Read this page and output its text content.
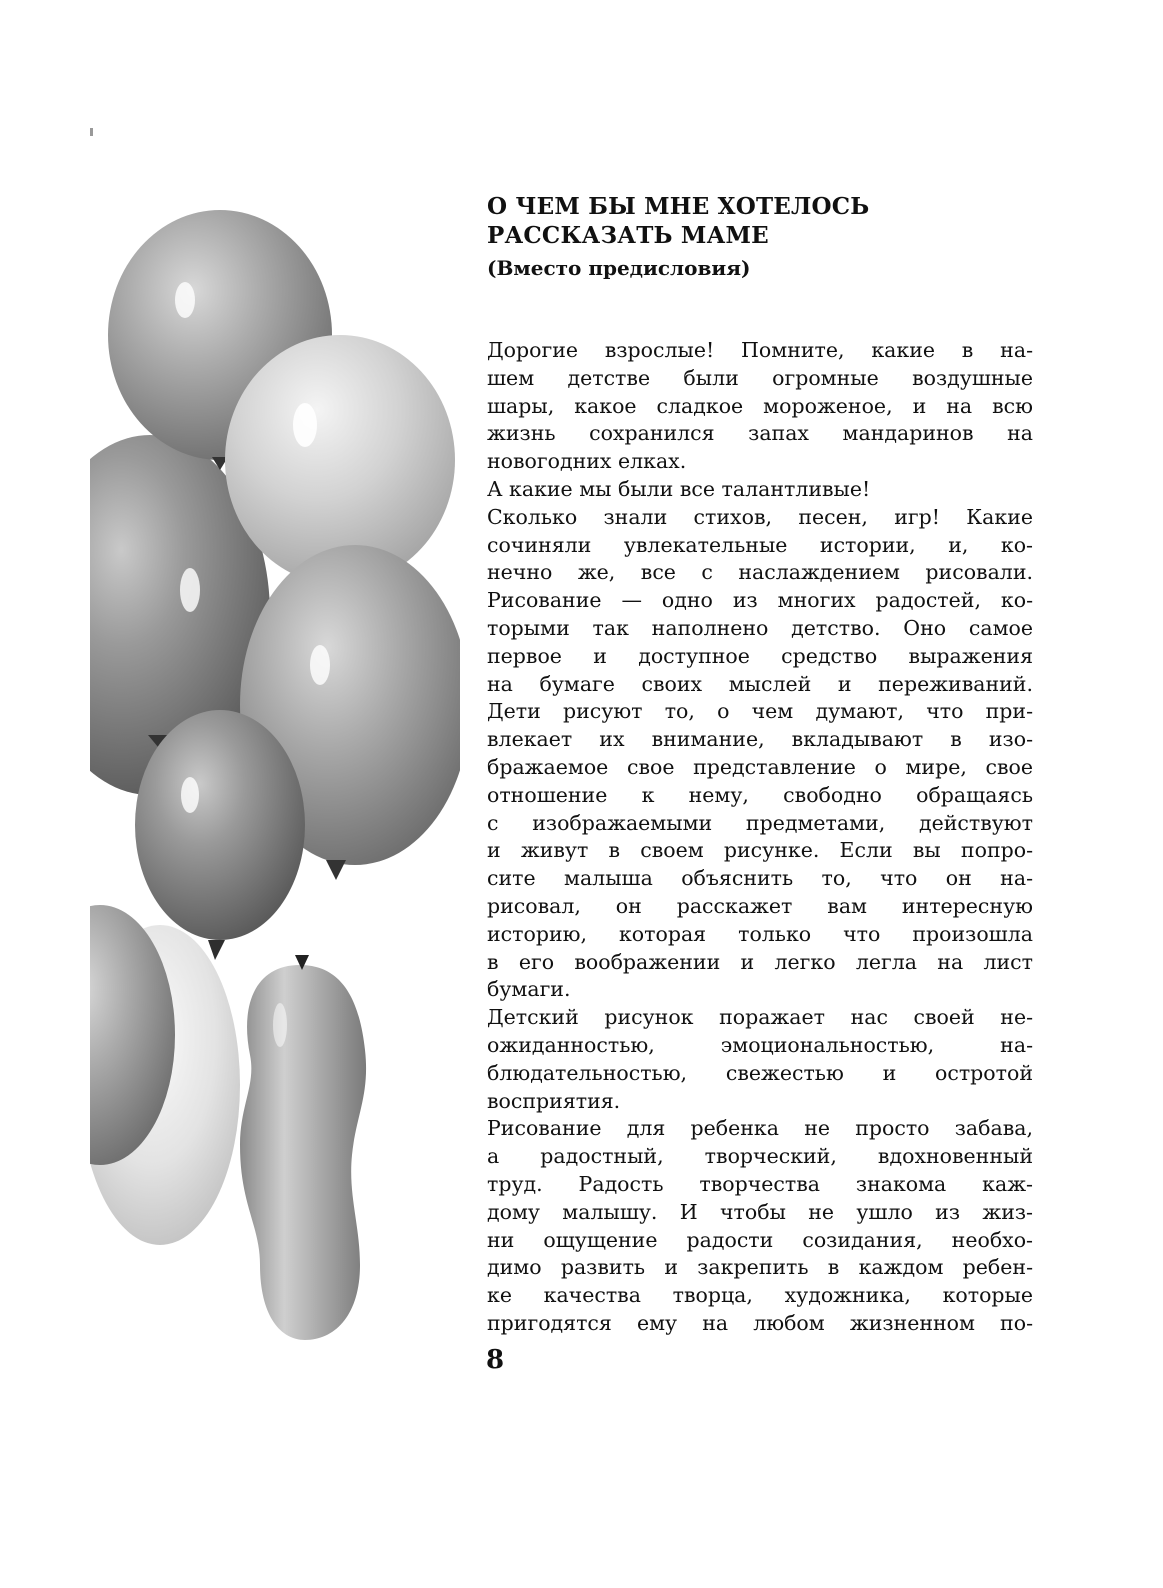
О ЧЕМ БЫ МНЕ ХОТЕЛОСЬ
РАССКАЗАТЬ МАМЕ
(Вместо предисловия)
Дорогие взрослые! Помните, какие в на-
шем детстве были огромные воздушные
шары, какое сладкое мороженое, и на всю
жизнь сохранился запах мандаринов на
новогодних елках.
А какие мы были все талантливые!
Сколько знали стихов, песен, игр! Какие
сочиняли увлекательные истории, и, ко-
нечно же, все с наслаждением рисовали.
Рисование — одно из многих радостей, ко-
торыми так наполнено детство. Оно самое
первое и доступное средство выражения
на бумаге своих мыслей и переживаний.
Дети рисуют то, о чем думают, что при-
влекает их внимание, вкладывают в изо-
бражаемое свое представление о мире, свое
отношение к нему, свободно обращаясь
с изображаемыми предметами, действуют
и живут в своем рисунке. Если вы попро-
сите малыша объяснить то, что он на-
рисовал, он расскажет вам интересную
историю, которая только что произошла
в его воображении и легко легла на лист
бумаги.
Детский рисунок поражает нас своей не-
ожиданностью, эмоциональностью, на-
блюдательностью, свежестью и остротой
восприятия.
Рисование для ребенка не просто забава,
а радостный, творческий, вдохновенный
труд. Радость творчества знакома каж-
дому малышу. И чтобы не ушло из жиз-
ни ощущение радости созидания, необхо-
димо развить и закрепить в каждом ребен-
ке качества творца, художника, которые
пригодятся ему на любом жизненном по-
8
